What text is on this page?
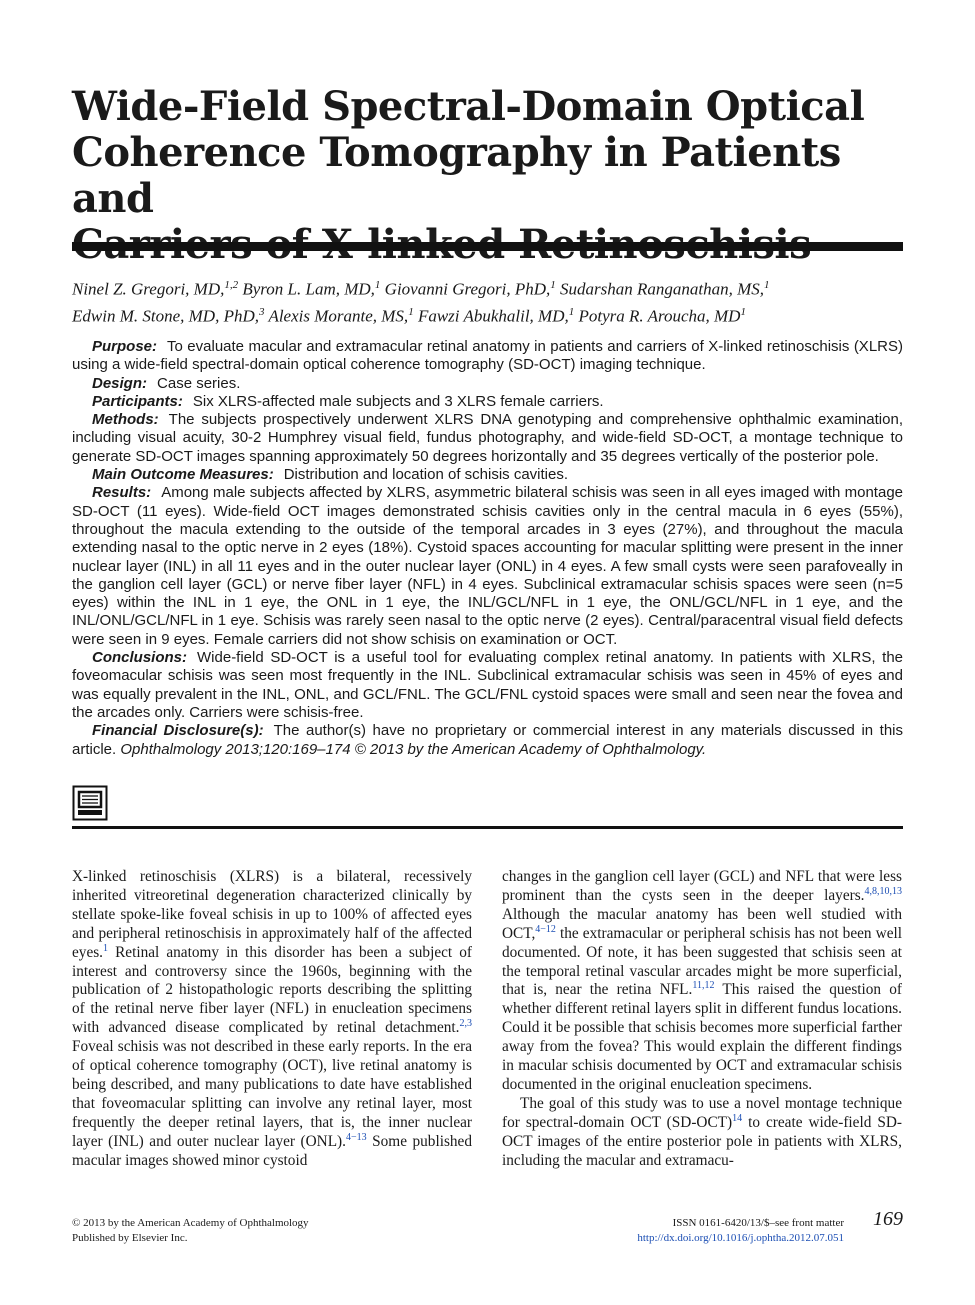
Wide-Field Spectral-Domain Optical
Coherence Tomography in Patients and
Ninel Z. Gregori, MD,$^{1,2}$ Byron L. Lam, MD,$^1$ Giovanni Gregori, PhD,$^1$ Sudarshan Ranganathan, MS,$^1$
Edwin M. Stone, MD, PhD,$^3$ Alexis Morante, MS,$^1$ Fawzi Abukhalil, MD,$^1$ Potyra R. Aroucha, $MD^1$

Purpose: To evaluate macular and extramacular retinal anatomy in patients and carriers of X-linked retinoschisis (XLRS) using a wide-field spectral-domain optical coherence tomography (SD-OCT) imaging technique.

Design: Case series.

Participants: Six XLRS-affected male subjects and 3 XLRS female carriers.

Methods: The subjects prospectively underwent XLRS DNA genotyping and comprehensive ophthalmic examination, including visual acuity, 30-2 Humphrey visual field, fundus photography, and wide-field SD-OCT, a montage technique to generate SD-OCT images spanning approximately 50 degrees horizontally and 35 degrees vertically of the posterior pole.

Main Outcome Measures: Distribution and location of schisis cavities.

Results: Among male subjects affected by XLRS, asymmetric bilateral schisis was seen in all eyes imaged with montage SD-OCT (11 eyes). Wide-field OCT images demonstrated schisis cavities only in the central macula in 6 eyes (55%), throughout the macula extending to the outside of the temporal arcades in 3 eyes (27%), and throughout the macula extending nasal to the optic nerve in 2 eyes (18%). Cystoid spaces accounting for macular splitting were present in the inner nuclear layer (INL) in all 11 eyes and in the outer nuclear layer (ONL) in 4 eyes. A few small cysts were seen parafoveally in the ganglion cell layer (GCL) or nerve fiber layer (NFL) in 4 eyes. Subclinical extramacular schisis spaces were seen (n=5 eyes) within the INL in 1 eye, the ONL in 1 eye, the INL/GCL/NFL in 1 eye, the ONL/GCL/NFL in 1 eye, and the INL/ONL/GCL/NFL in 1 eye. Schisis was rarely seen nasal to the optic nerve (2 eyes). Central/paracentral visual field defects were seen in 9 eyes. Female carriers did not show schisis on examination or OCT.

Conclusions: Wide-field SD-OCT is a useful tool for evaluating complex retinal anatomy. In patients with XLRS, the foveomacular schisis was seen most frequently in the INL. Subclinical extramacular schisis was seen in 45% of eyes and was equally prevalent in the INL, ONL, and GCL/FNL. The GCL/FNL cystoid spaces were small and seen near the fovea and the arcades only. Carriers were schisis-free.

Financial Disclosure(s): The author(s) have no proprietary or commercial interest in any materials discussed in this article. Ophthalmology 2013;120:169–174 © 2013 by the American Academy of Ophthalmology.

X-linked retinoschisis (XLRS) is a bilateral, recessively inherited vitreoretinal degeneration characterized clinically by stellate spoke-like foveal schisis in up to 100% of affected eyes and peripheral retinoschisis in approximately half of the affected eyes.$^1$ Retinal anatomy in this disorder has been a subject of interest and controversy since the 1960s, beginning with the publication of 2 histopathologic reports describing the splitting of the retinal nerve fiber layer (NFL) in enucleation specimens with advanced disease complicated by retinal detachment.$^{2,3}$ Foveal schisis was not described in these early reports. In the era of optical coherence tomography (OCT), live retinal anatomy is being described, and many publications to date have established that foveomacular splitting can involve any retinal layer, most frequently the deeper retinal layers, that is, the inner nuclear layer (INL) and outer nuclear layer (ONL).$^{4-13}$ Some published macular images showed minor cystoid

changes in the ganglion cell layer (GCL) and NFL that were less prominent than the cysts seen in the deeper layers.$^{4,8,10,13}$ Although the macular anatomy has been well studied with OCT,$^{4-12}$ the extramacular or peripheral schisis has not been well documented. Of note, it has been suggested that schisis seen at the temporal retinal vascular arcades might be more superficial, that is, near the retina NFL.$^{11,12}$ This raised the question of whether different retinal layers split in different fundus locations. Could it be possible that schisis becomes more superficial farther away from the fovea? This would explain the different findings in macular schisis documented by OCT and extramacular schisis documented in the original enucleation specimens.

The goal of this study was to use a novel montage technique for spectral-domain OCT $(SD-OCT)^{14}$ to create wide-field SD-OCT images of the entire posterior pole in patients with XLRS, including the macular and extramacu-

© 2013 by the American Academy of Ophthalmology
Published by Elsevier Inc.
ISSN 0161-6420/13/$–see front matter
http://dx.doi.org/10.1016/j.ophtha.2012.07.051
169
